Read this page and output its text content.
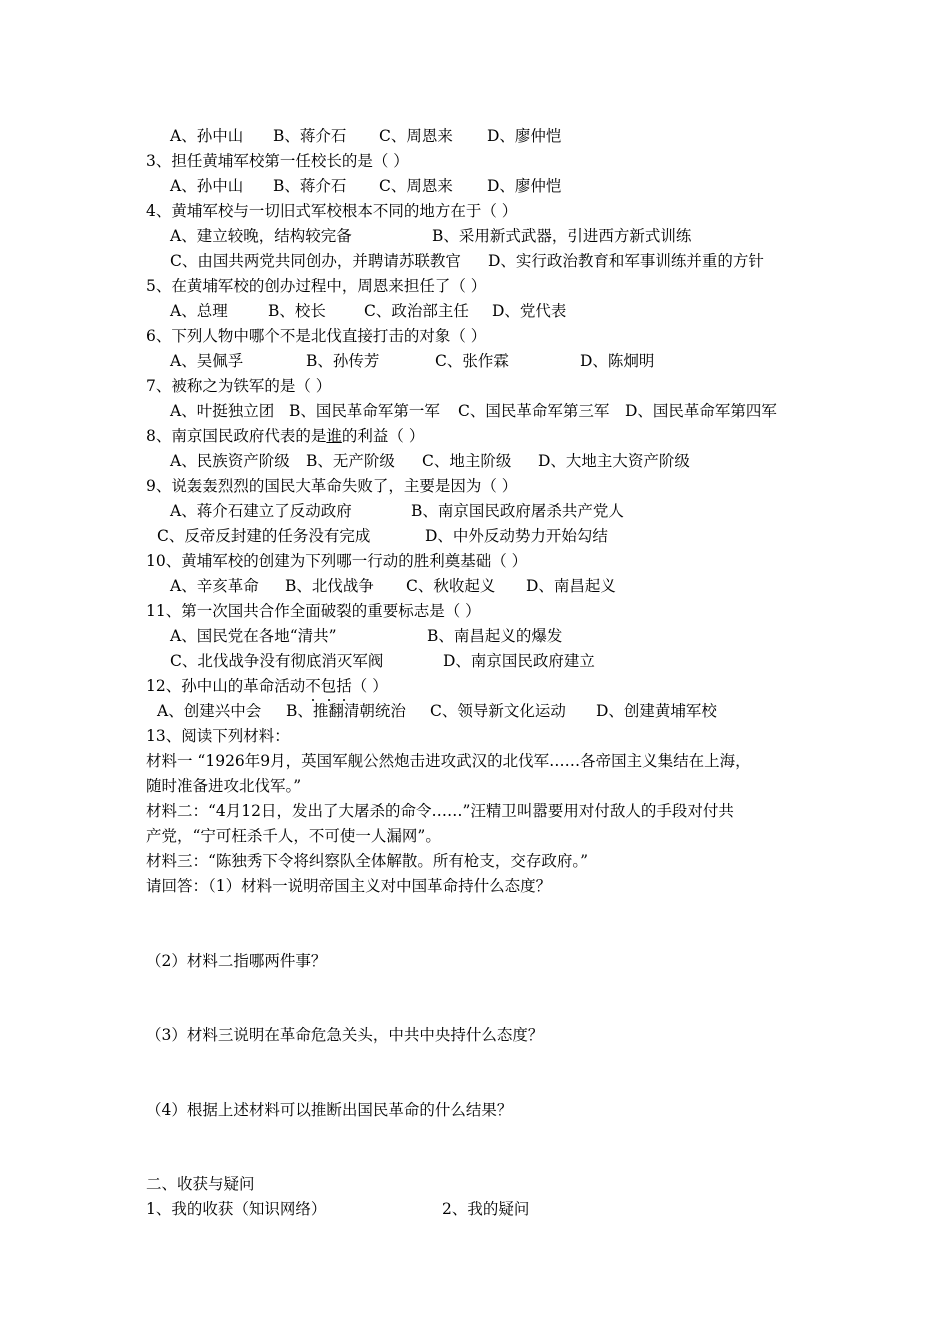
A、孙中山 B、蒋介石 C、周恩来 D、廖仲恺
3、担任黄埔军校第一任校长的是（ ）
A、孙中山 B、蒋介石 C、周恩来 D、廖仲恺
4、黄埔军校与一切旧式军校根本不同的地方在于（ ）
A、建立较晚，结构较完备	B、采用新式武器，引进西方新式训练
C、由国共两党共同创办，并聘请苏联教官 D、实行政治教育和军事训练并重的方针
5、在黄埔军校的创办过程中，周恩来担任了（ ）
A、总理	B、校长 C、政治部主任 D、党代表
6、下列人物中哪个不是北伐直接打击的对象（ ）
A、吴佩孚	B、孙传芳	C、张作霖	D、陈炯明
7、被称之为铁军的是（ ）
A、叶挺独立团 B、国民革命军第一军 C、国民革命军第三军 D、国民革命军第四军
8、南京国民政府代表的是谁的利益（ ）
A、民族资产阶级 B、无产阶级 C、地主阶级 D、大地主大资产阶级
9、说轰轰烈烈的国民大革命失败了，主要是因为（ ）
A、蒋介石建立了反动政府	B、南京国民政府屠杀共产党人
C、反帝反封建的任务没有完成	D、中外反动势力开始勾结
10、黄埔军校的创建为下列哪一行动的胜利奠基础（ ）
A、辛亥革命 B、北伐战争 C、秋收起义 D、南昌起义
11、第一次国共合作全面破裂的重要标志是（ ）
A、国民党在各地“清共”	B、南昌起义的爆发
C、北伐战争没有彻底消灭军阀	D、南京国民政府建立
12、孙中山的革命活动不包括（ ）
A、创建兴中会 B、推翻清朝统治 C、领导新文化运动 D、创建黄埔军校
13、阅读下列材料：
材料一 “1926年9月，英国军舰公然炮击进攻武汉的北伐军……各帝国主义集结在上海，
随时准备进攻北伐军。”
材料二：“4月12日，发出了大屠杀的命令……”汪精卫叫嚣要用对付敌人的手段对付共
产党，“宁可枉杀千人，不可使一人漏网”。
材料三：“陈独秀下令将纠察队全体解散。所有枪支，交存政府。”
请回答：（1）材料一说明帝国主义对中国革命持什么态度？
（2）材料二指哪两件事？
（3）材料三说明在革命危急关头，中共中央持什么态度？
（4）根据上述材料可以推断出国民革命的什么结果？
二、收获与疑问
1、我的收获（知识网络）	2、我的疑问
